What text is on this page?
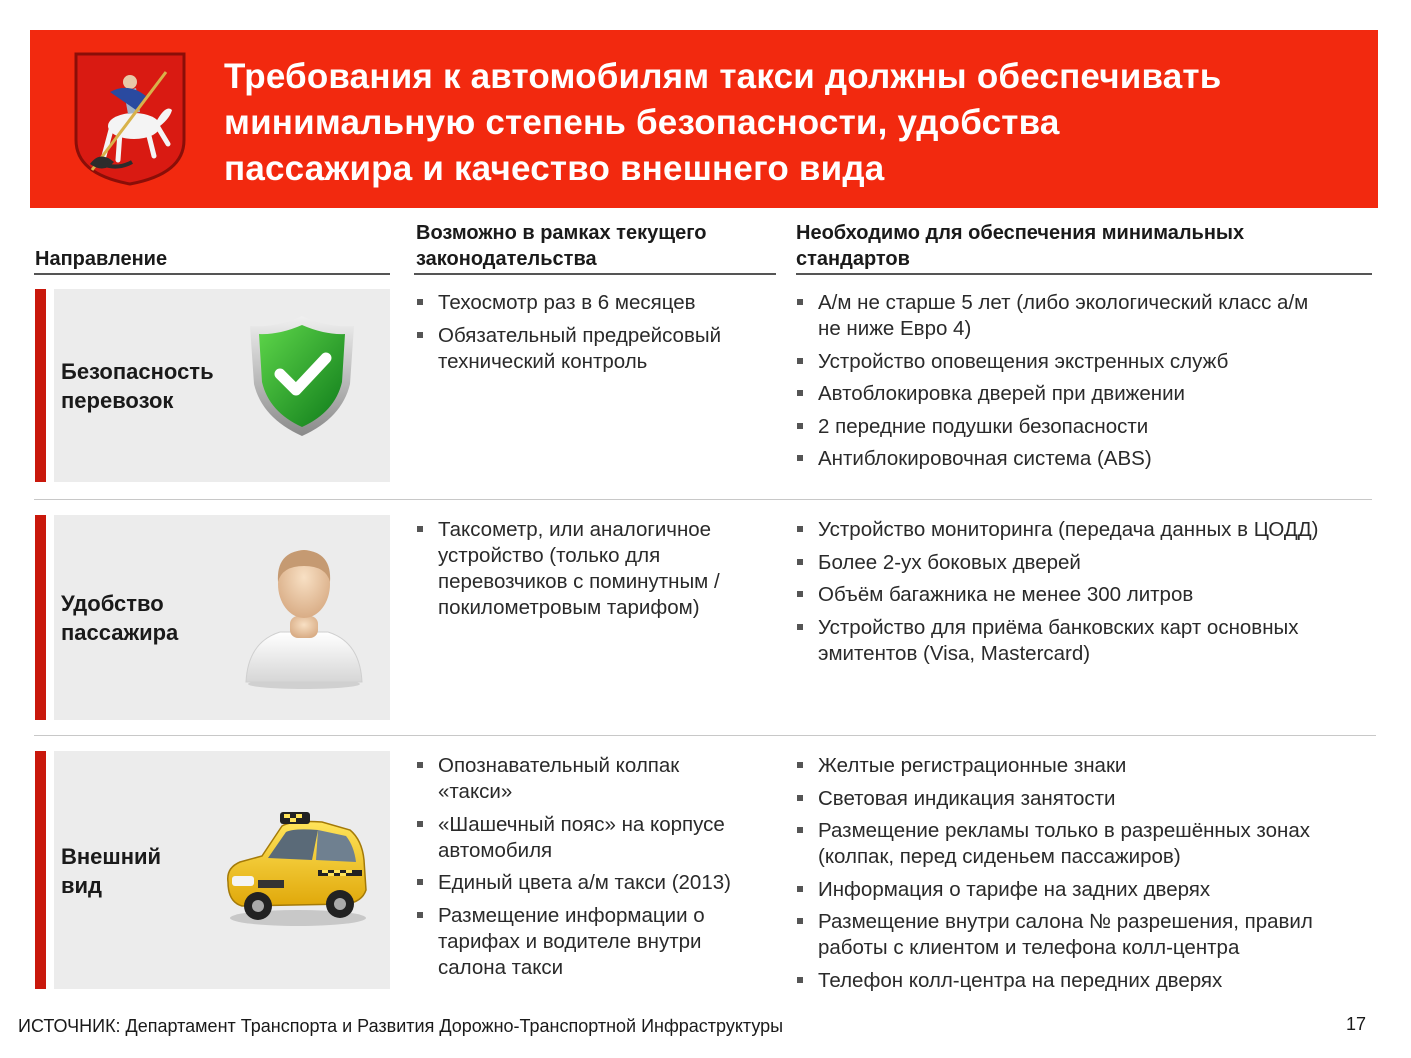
Требования к автомобилям такси должны обеспечивать
минимальную степень безопасности, удобства
пассажира и качество внешнего вида
Направление
Возможно в рамках текущего
законодательства
Необходимо для обеспечения минимальных
стандартов
Безопасность
перевозок
Техосмотр раз в 6 месяцев
Обязательный предрейсовый
технический контроль
А/м не старше 5 лет (либо экологический класс а/м
не ниже Евро 4)
Устройство оповещения экстренных служб
Автоблокировка дверей при движении
2 передние подушки безопасности
Антиблокировочная система (ABS)
Удобство
пассажира
Таксометр, или аналогичное
устройство (только для
перевозчиков с поминутным /
покилометровым тарифом)
Устройство мониторинга (передача данных в ЦОДД)
Более 2-ух боковых дверей
Объём багажника не менее 300 литров
Устройство для приёма банковских карт основных
эмитентов (Visa, Mastercard)
Внешний
вид
Опознавательный колпак
«такси»
«Шашечный пояс» на корпусе
автомобиля
Единый цвета а/м такси (2013)
Размещение информации о
тарифах и водителе внутри
салона такси
Желтые регистрационные знаки
Световая индикация занятости
Размещение рекламы только в разрешённых зонах
(колпак, перед сиденьем пассажиров)
Информация о тарифе на задних дверях
Размещение внутри салона № разрешения, правил
работы с клиентом и телефона колл-центра
Телефон колл-центра на передних дверях
ИСТОЧНИК: Департамент Транспорта и Развития Дорожно-Транспортной Инфраструктуры	17
